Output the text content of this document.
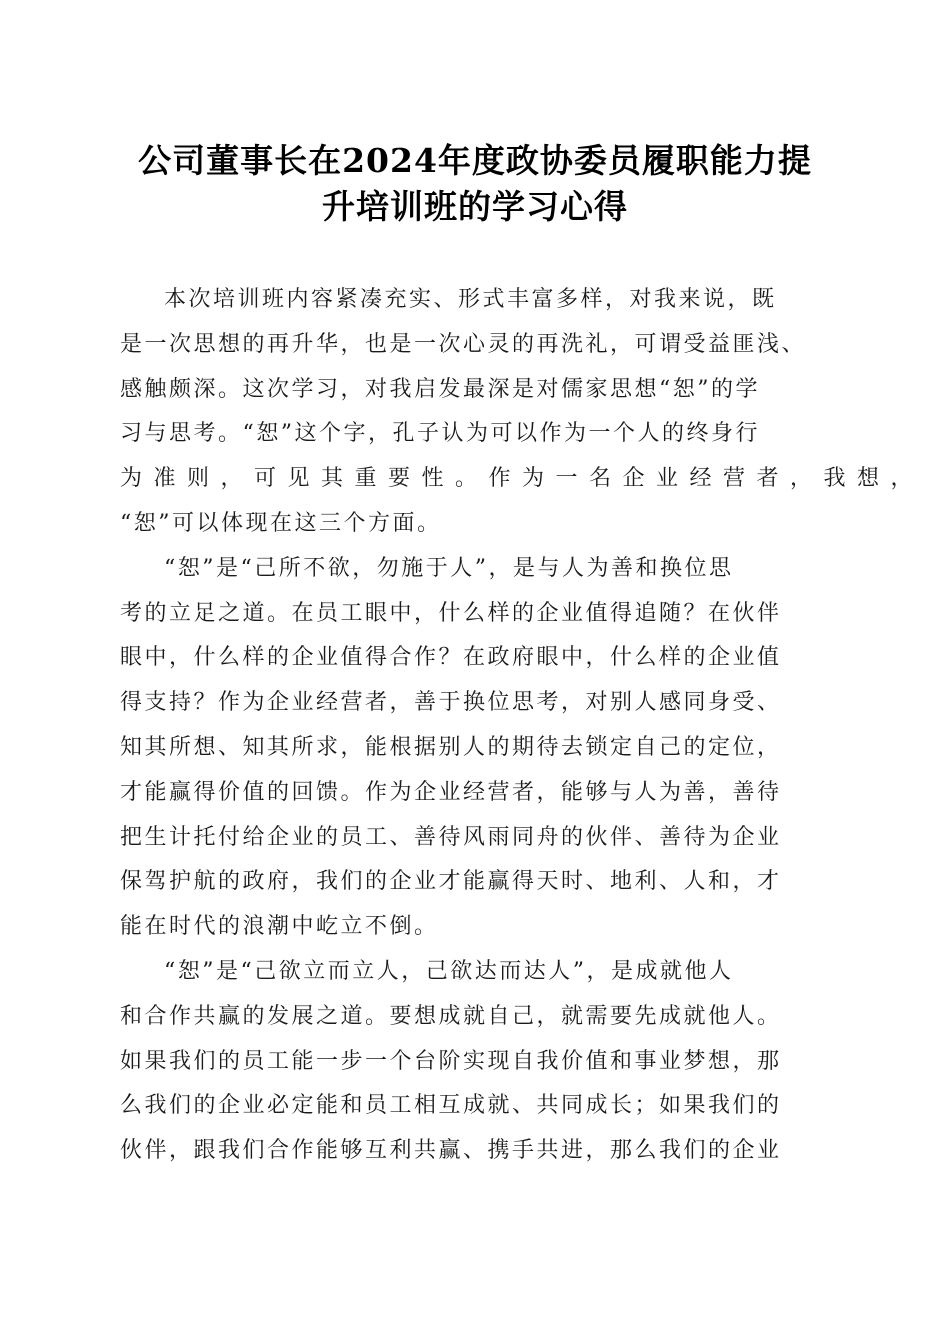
公司董事长在2024年度政协委员履职能力提
升培训班的学习心得

本次培训班内容紧凑充实、形式丰富多样，对我来说，既
是一次思想的再升华，也是一次心灵的再洗礼，可谓受益匪浅、
感触颇深。这次学习，对我启发最深是对儒家思想“恕”的学
习与思考。“恕”这个字，孔子认为可以作为一个人的终身行
为准则，可见其重要性。作为一名企业经营者，我想，
“恕”可以体现在这三个方面。

“恕”是“己所不欲，勿施于人”，是与人为善和换位思
考的立足之道。在员工眼中，什么样的企业值得追随？在伙伴
眼中，什么样的企业值得合作？在政府眼中，什么样的企业值
得支持？作为企业经营者，善于换位思考，对别人感同身受、
知其所想、知其所求，能根据别人的期待去锁定自己的定位，
才能赢得价值的回馈。作为企业经营者，能够与人为善，善待
把生计托付给企业的员工、善待风雨同舟的伙伴、善待为企业
保驾护航的政府，我们的企业才能赢得天时、地利、人和，才
能在时代的浪潮中屹立不倒。

“恕”是“己欲立而立人，己欲达而达人”，是成就他人
和合作共赢的发展之道。要想成就自己，就需要先成就他人。
如果我们的员工能一步一个台阶实现自我价值和事业梦想，那
么我们的企业必定能和员工相互成就、共同成长；如果我们的
伙伴，跟我们合作能够互利共赢、携手共进，那么我们的企业
